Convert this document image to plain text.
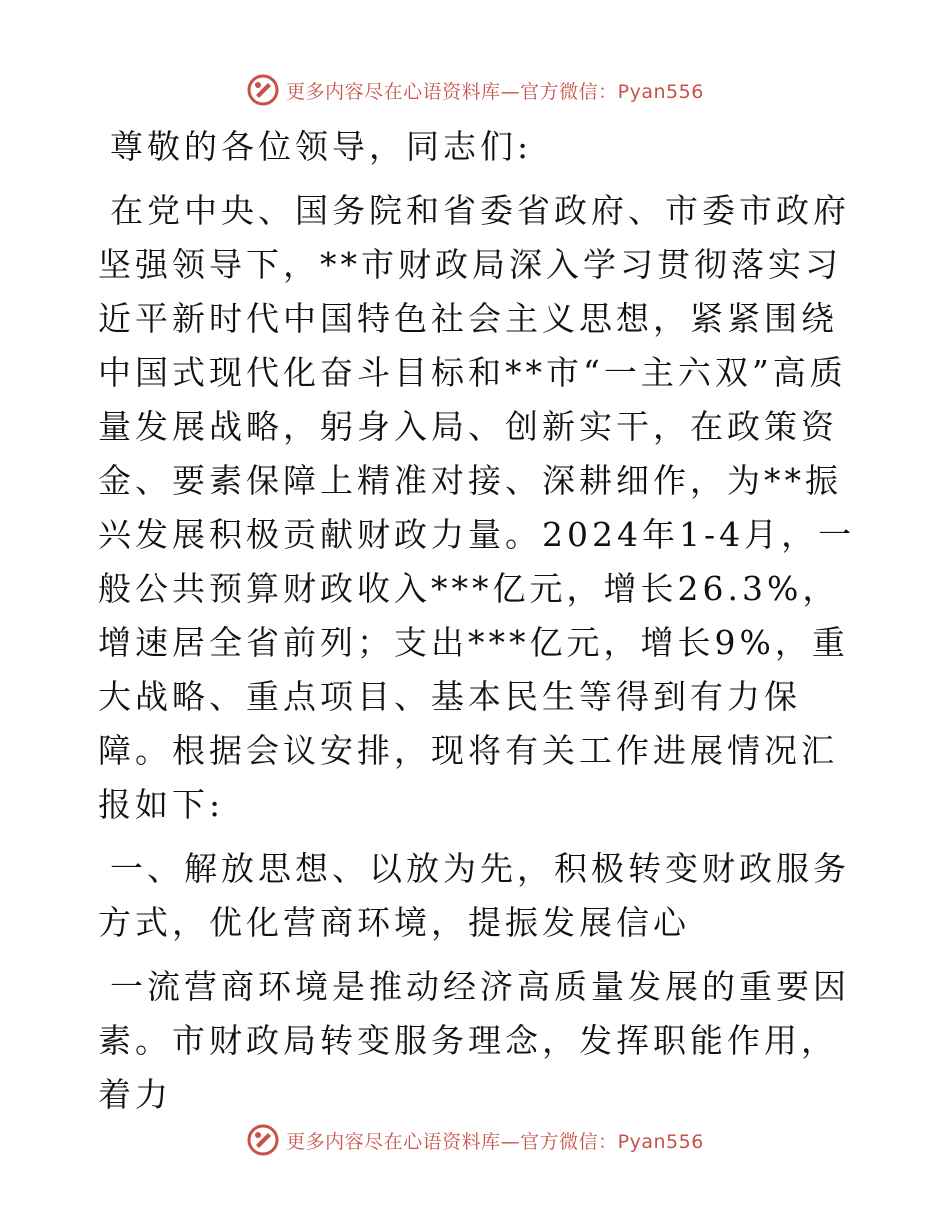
更多内容尽在心语资料库—官方微信：Pyan556

尊敬的各位领导，同志们:

在党中央、国务院和省委省政府、市委市政府坚强领导下，**市财政局深入学习贯彻落实习近平新时代中国特色社会主义思想，紧紧围绕中国式现代化奋斗目标和**市“一主六双”高质量发展战略，躬身入局、创新实干，在政策资金、要素保障上精准对接、深耕细作，为**振兴发展积极贡献财政力量。2024年1-4月，一般公共预算财政收入***亿元，增长26.3%，增速居全省前列；支出***亿元，增长9%，重大战略、重点项目、基本民生等得到有力保障。根据会议安排，现将有关工作进展情况汇报如下:

一、解放思想、以放为先，积极转变财政服务方式，优化营商环境，提振发展信心

一流营商环境是推动经济高质量发展的重要因素。市财政局转变服务理念，发挥职能作用，着力

更多内容尽在心语资料库—官方微信：Pyan556
